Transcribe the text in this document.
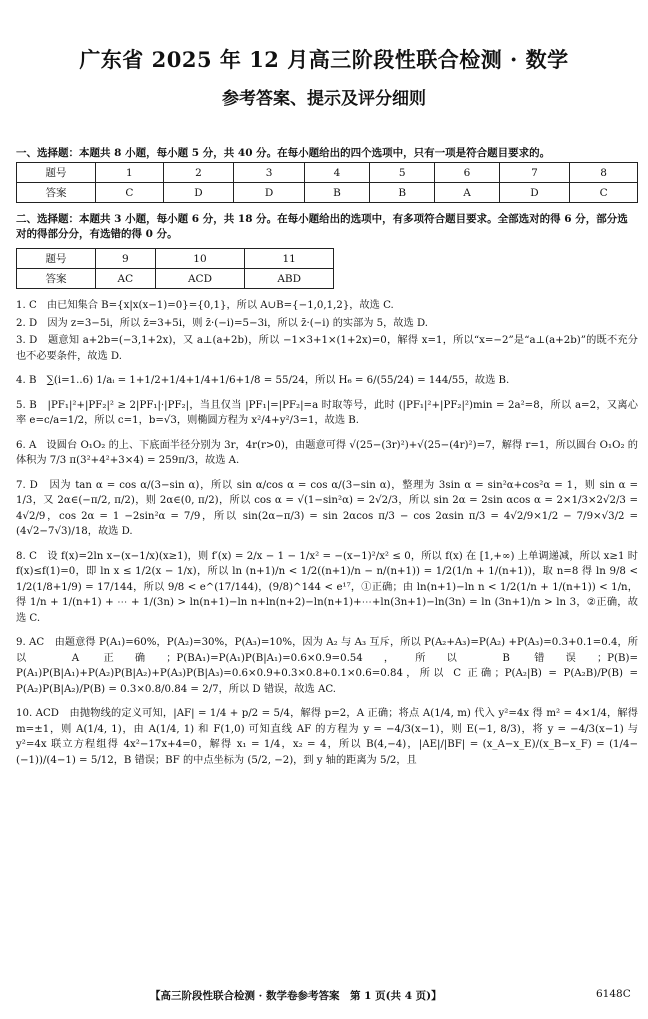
广东省 2025 年 12 月高三阶段性联合检测 · 数学
参考答案、提示及评分细则
一、选择题：本题共 8 小题，每小题 5 分，共 40 分。在每小题给出的四个选项中，只有一项是符合题目要求的。
题号	1	2	3	4	5	6	7	8
答案	C	D	D	B	B	A	D	C
二、选择题：本题共 3 小题，每小题 6 分，共 18 分。在每小题给出的选项中，有多项符合题目要求。全部选对的得 6 分，部分选对的得部分分，有选错的得 0 分。
题号	9	10	11
答案	AC	ACD	ABD

1. C　由已知集合 B={x|x(x−1)=0}={0,1}，所以 A∪B={−1,0,1,2}，故选 C.

2. D　因为 z=3−5i，所以 z̄=3+5i，则 z̄·(−i)=5−3i，所以 z̄·(−i) 的实部为 5，故选 D.

3. D　题意知 a+2b=(−3,1+2x)，又 a⊥(a+2b)，所以 −1×3+1×(1+2x)=0，解得 x=1，所以“x=−2”是“a⊥(a+2b)”的既不充分也不必要条件，故选 D.

4. B　∑(i=1..6) 1/aᵢ = 1+1/2+1/4+1/4+1/6+1/8 = 55/24，所以 H₆ = 6/(55/24) = 144/55，故选 B.

5. B　|PF₁|²+|PF₂|² ≥ 2|PF₁|·|PF₂|，当且仅当 |PF₁|=|PF₂|=a 时取等号，此时 (|PF₁|²+|PF₂|²)min = 2a²=8，所以 a=2，又离心率 e=c/a=1/2，所以 c=1，b=√3，则椭圆方程为 x²/4+y²/3=1，故选 B.

6. A　设圆台 O₁O₂ 的上、下底面半径分别为 3r，4r(r>0)，由题意可得 √(25−(3r)²)+√(25−(4r)²)=7，解得 r=1，所以圆台 O₁O₂ 的体积为 7/3 π(3²+4²+3×4) = 259π/3，故选 A.

7. D　因为 tan α = cos α/(3−sin α)，所以 sin α/cos α = cos α/(3−sin α)，整理为 3sin α = sin²α+cos²α = 1，则 sin α = 1/3，又 2α∈(−π/2, π/2)，则 2α∈(0, π/2)，所以 cos α = √(1−sin²α) = 2√2/3，所以 sin 2α = 2sin αcos α = 2×1/3×2√2/3 = 4√2/9，cos 2α = 1 −2sin²α = 7/9，所以 sin(2α−π/3) = sin 2αcos π/3 − cos 2αsin π/3 = 4√2/9×1/2 − 7/9×√3/2 = (4√2−7√3)/18，故选 D.

8. C　设 f(x)=2ln x−(x−1/x)(x≥1)，则 f′(x) = 2/x − 1 − 1/x² = −(x−1)²/x² ≤ 0，所以 f(x) 在 [1,+∞) 上单调递减，所以 x≥1 时 f(x)≤f(1)=0，即 ln x ≤ 1/2(x − 1/x)，所以 ln (n+1)/n < 1/2((n+1)/n − n/(n+1)) = 1/2(1/n + 1/(n+1))，取 n=8 得 ln 9/8 < 1/2(1/8+1/9) = 17/144，所以 9/8 < e^(17/144)，(9/8)^144 < e¹⁷，①正确；由 ln(n+1)−ln n < 1/2(1/n + 1/(n+1)) < 1/n，得 1/n + 1/(n+1) + ⋯ + 1/(3n) > ln(n+1)−ln n+ln(n+2)−ln(n+1)+⋯+ln(3n+1)−ln(3n) = ln (3n+1)/n > ln 3，②正确，故选 C.

9. AC　由题意得 P(A₁)=60%，P(A₂)=30%，P(A₃)=10%，因为 A₂ 与 A₃ 互斥，所以 P(A₂+A₃)=P(A₂) +P(A₃)=0.3+0.1=0.4，所以 A 正确；P(BA₁)=P(A₁)P(B|A₁)=0.6×0.9=0.54，所以 B 错误；P(B)= P(A₁)P(B|A₁)+P(A₂)P(B|A₂)+P(A₃)P(B|A₃)=0.6×0.9+0.3×0.8+0.1×0.6=0.84，所以 C 正确；P(A₂|B) = P(A₂B)/P(B) = P(A₂)P(B|A₂)/P(B) = 0.3×0.8/0.84 = 2/7，所以 D 错误，故选 AC.

10. ACD　由抛物线的定义可知，|AF| = 1/4 + p/2 = 5/4，解得 p=2，A 正确；将点 A(1/4, m) 代入 y²=4x 得 m² = 4×1/4，解得 m=±1，则 A(1/4, 1)，由 A(1/4, 1) 和 F(1,0) 可知直线 AF 的方程为 y = −4/3(x−1)，则 E(−1, 8/3)，将 y = −4/3(x−1) 与 y²=4x 联立方程组得 4x²−17x+4=0，解得 x₁ = 1/4，x₂ = 4，所以 B(4,−4)，|AE|/|BF| = (x_A−x_E)/(x_B−x_F) = (1/4−(−1))/(4−1) = 5/12，B 错误；BF 的中点坐标为 (5/2, −2)，到 y 轴的距离为 5/2，且

【高三阶段性联合检测 · 数学卷参考答案　第 1 页(共 4 页)】	6148C
